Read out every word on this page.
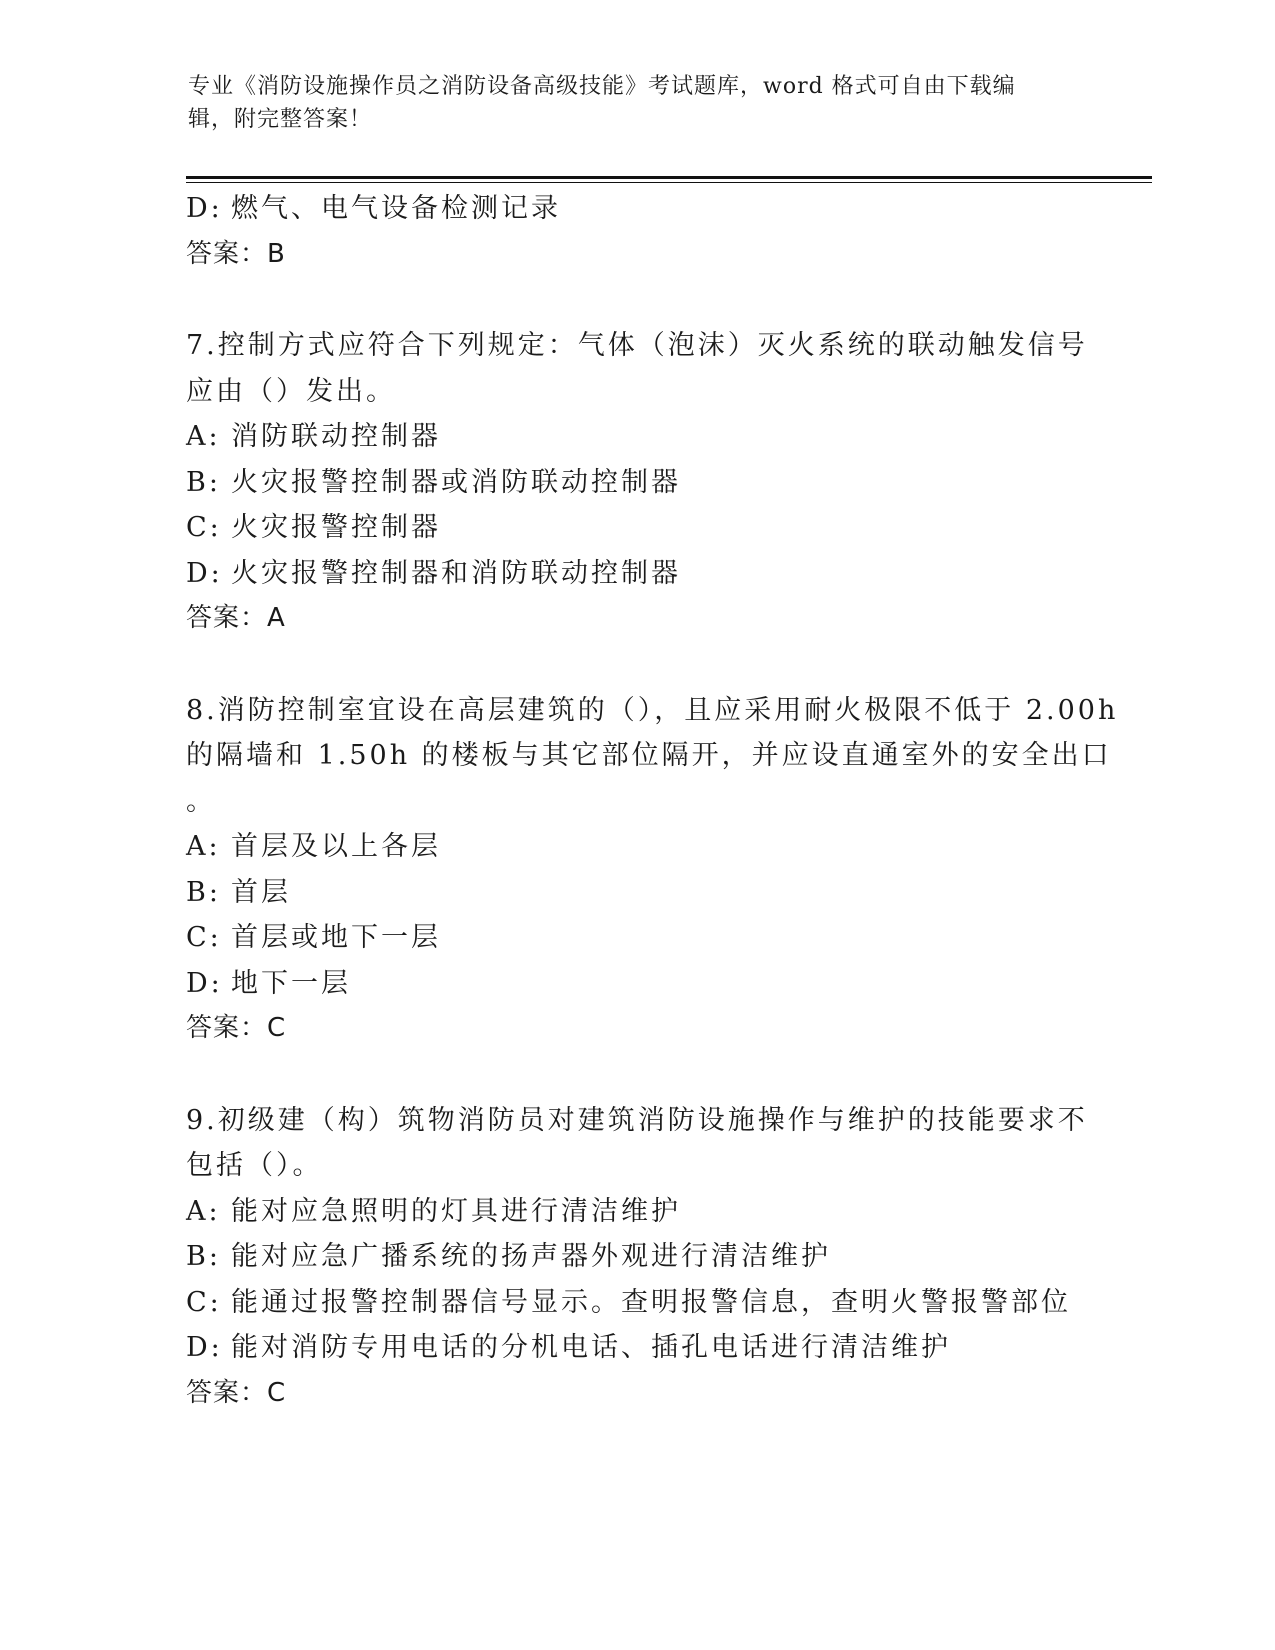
专业《消防设施操作员之消防设备高级技能》考试题库，word 格式可自由下载编
辑，附完整答案！
D: 燃气、电气设备检测记录
答案：B
7.控制方式应符合下列规定：气体（泡沫）灭火系统的联动触发信号
应由（）发出。
A: 消防联动控制器
B: 火灾报警控制器或消防联动控制器
C: 火灾报警控制器
D: 火灾报警控制器和消防联动控制器
答案：A
8.消防控制室宜设在高层建筑的（），且应采用耐火极限不低于 2.00h
的隔墙和 1.50h 的楼板与其它部位隔开，并应设直通室外的安全出口
。
A: 首层及以上各层
B: 首层
C: 首层或地下一层
D: 地下一层
答案：C
9.初级建（构）筑物消防员对建筑消防设施操作与维护的技能要求不
包括（）。
A: 能对应急照明的灯具进行清洁维护
B: 能对应急广播系统的扬声器外观进行清洁维护
C: 能通过报警控制器信号显示。查明报警信息，查明火警报警部位
D: 能对消防专用电话的分机电话、插孔电话进行清洁维护
答案：C
